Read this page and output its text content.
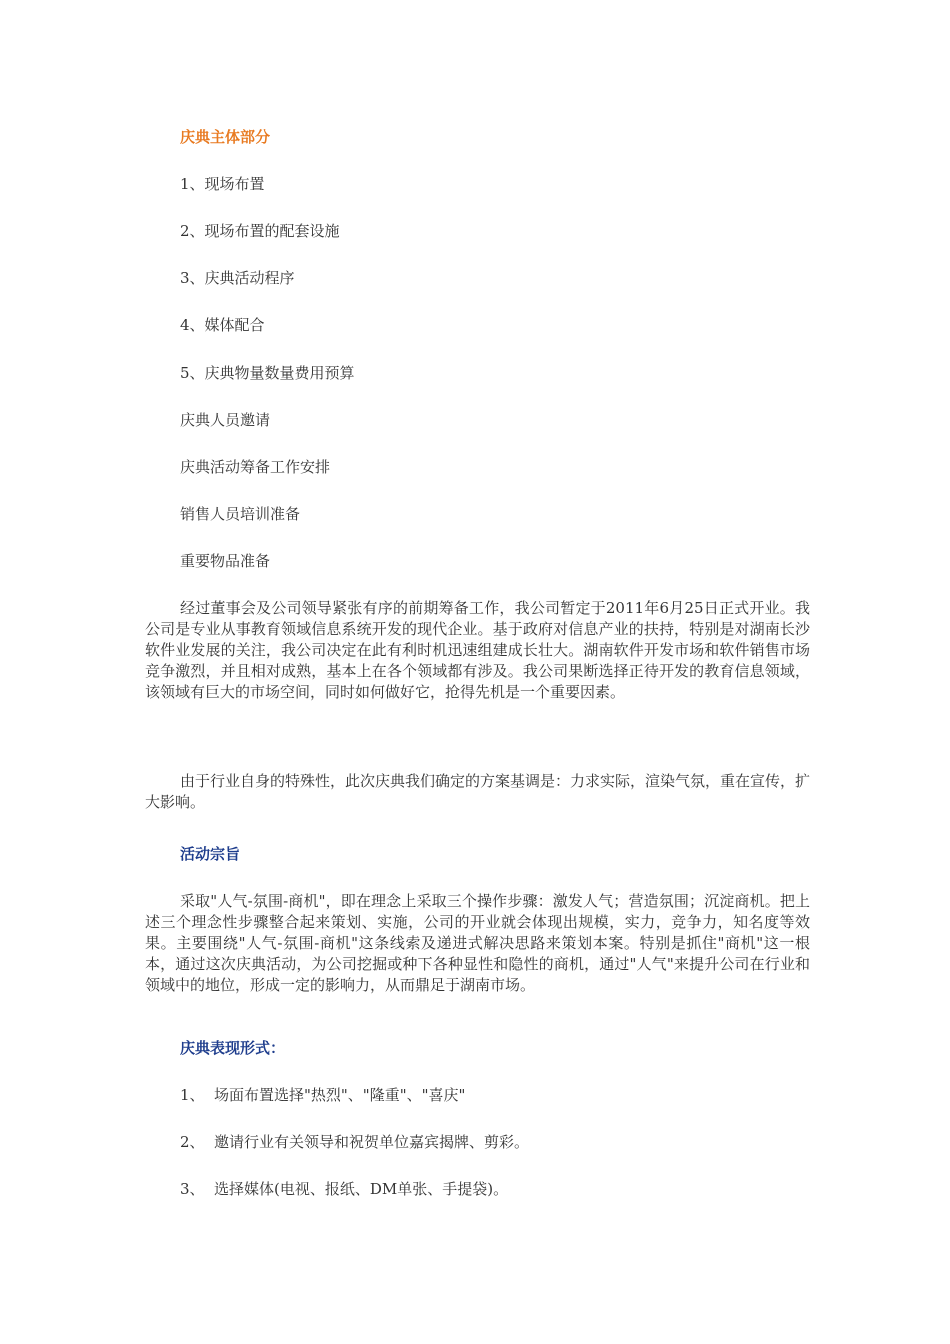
庆典主体部分
1、现场布置
2、现场布置的配套设施
3、庆典活动程序
4、媒体配合
5、庆典物量数量费用预算
庆典人员邀请
庆典活动筹备工作安排
销售人员培训准备
重要物品准备
经过董事会及公司领导紧张有序的前期筹备工作，我公司暂定于2011年6月25日正式开业。我公司是专业从事教育领域信息系统开发的现代企业。基于政府对信息产业的扶持，特别是对湖南长沙软件业发展的关注，我公司决定在此有利时机迅速组建成长壮大。湖南软件开发市场和软件销售市场竞争激烈，并且相对成熟，基本上在各个领域都有涉及。我公司果断选择正待开发的教育信息领域，该领域有巨大的市场空间，同时如何做好它，抢得先机是一个重要因素。
由于行业自身的特殊性，此次庆典我们确定的方案基调是：力求实际，渲染气氛，重在宣传，扩大影响。
活动宗旨
采取"人气-氛围-商机"，即在理念上采取三个操作步骤：激发人气；营造氛围；沉淀商机。把上述三个理念性步骤整合起来策划、实施，公司的开业就会体现出规模，实力，竞争力，知名度等效果。主要围绕"人气-氛围-商机"这条线索及递进式解决思路来策划本案。特别是抓住"商机"这一根本，通过这次庆典活动，为公司挖掘或种下各种显性和隐性的商机，通过"人气"来提升公司在行业和领域中的地位，形成一定的影响力，从而鼎足于湖南市场。
庆典表现形式：
1、 场面布置选择"热烈"、"隆重"、"喜庆"
2、 邀请行业有关领导和祝贺单位嘉宾揭牌、剪彩。
3、 选择媒体(电视、报纸、DM单张、手提袋)。
